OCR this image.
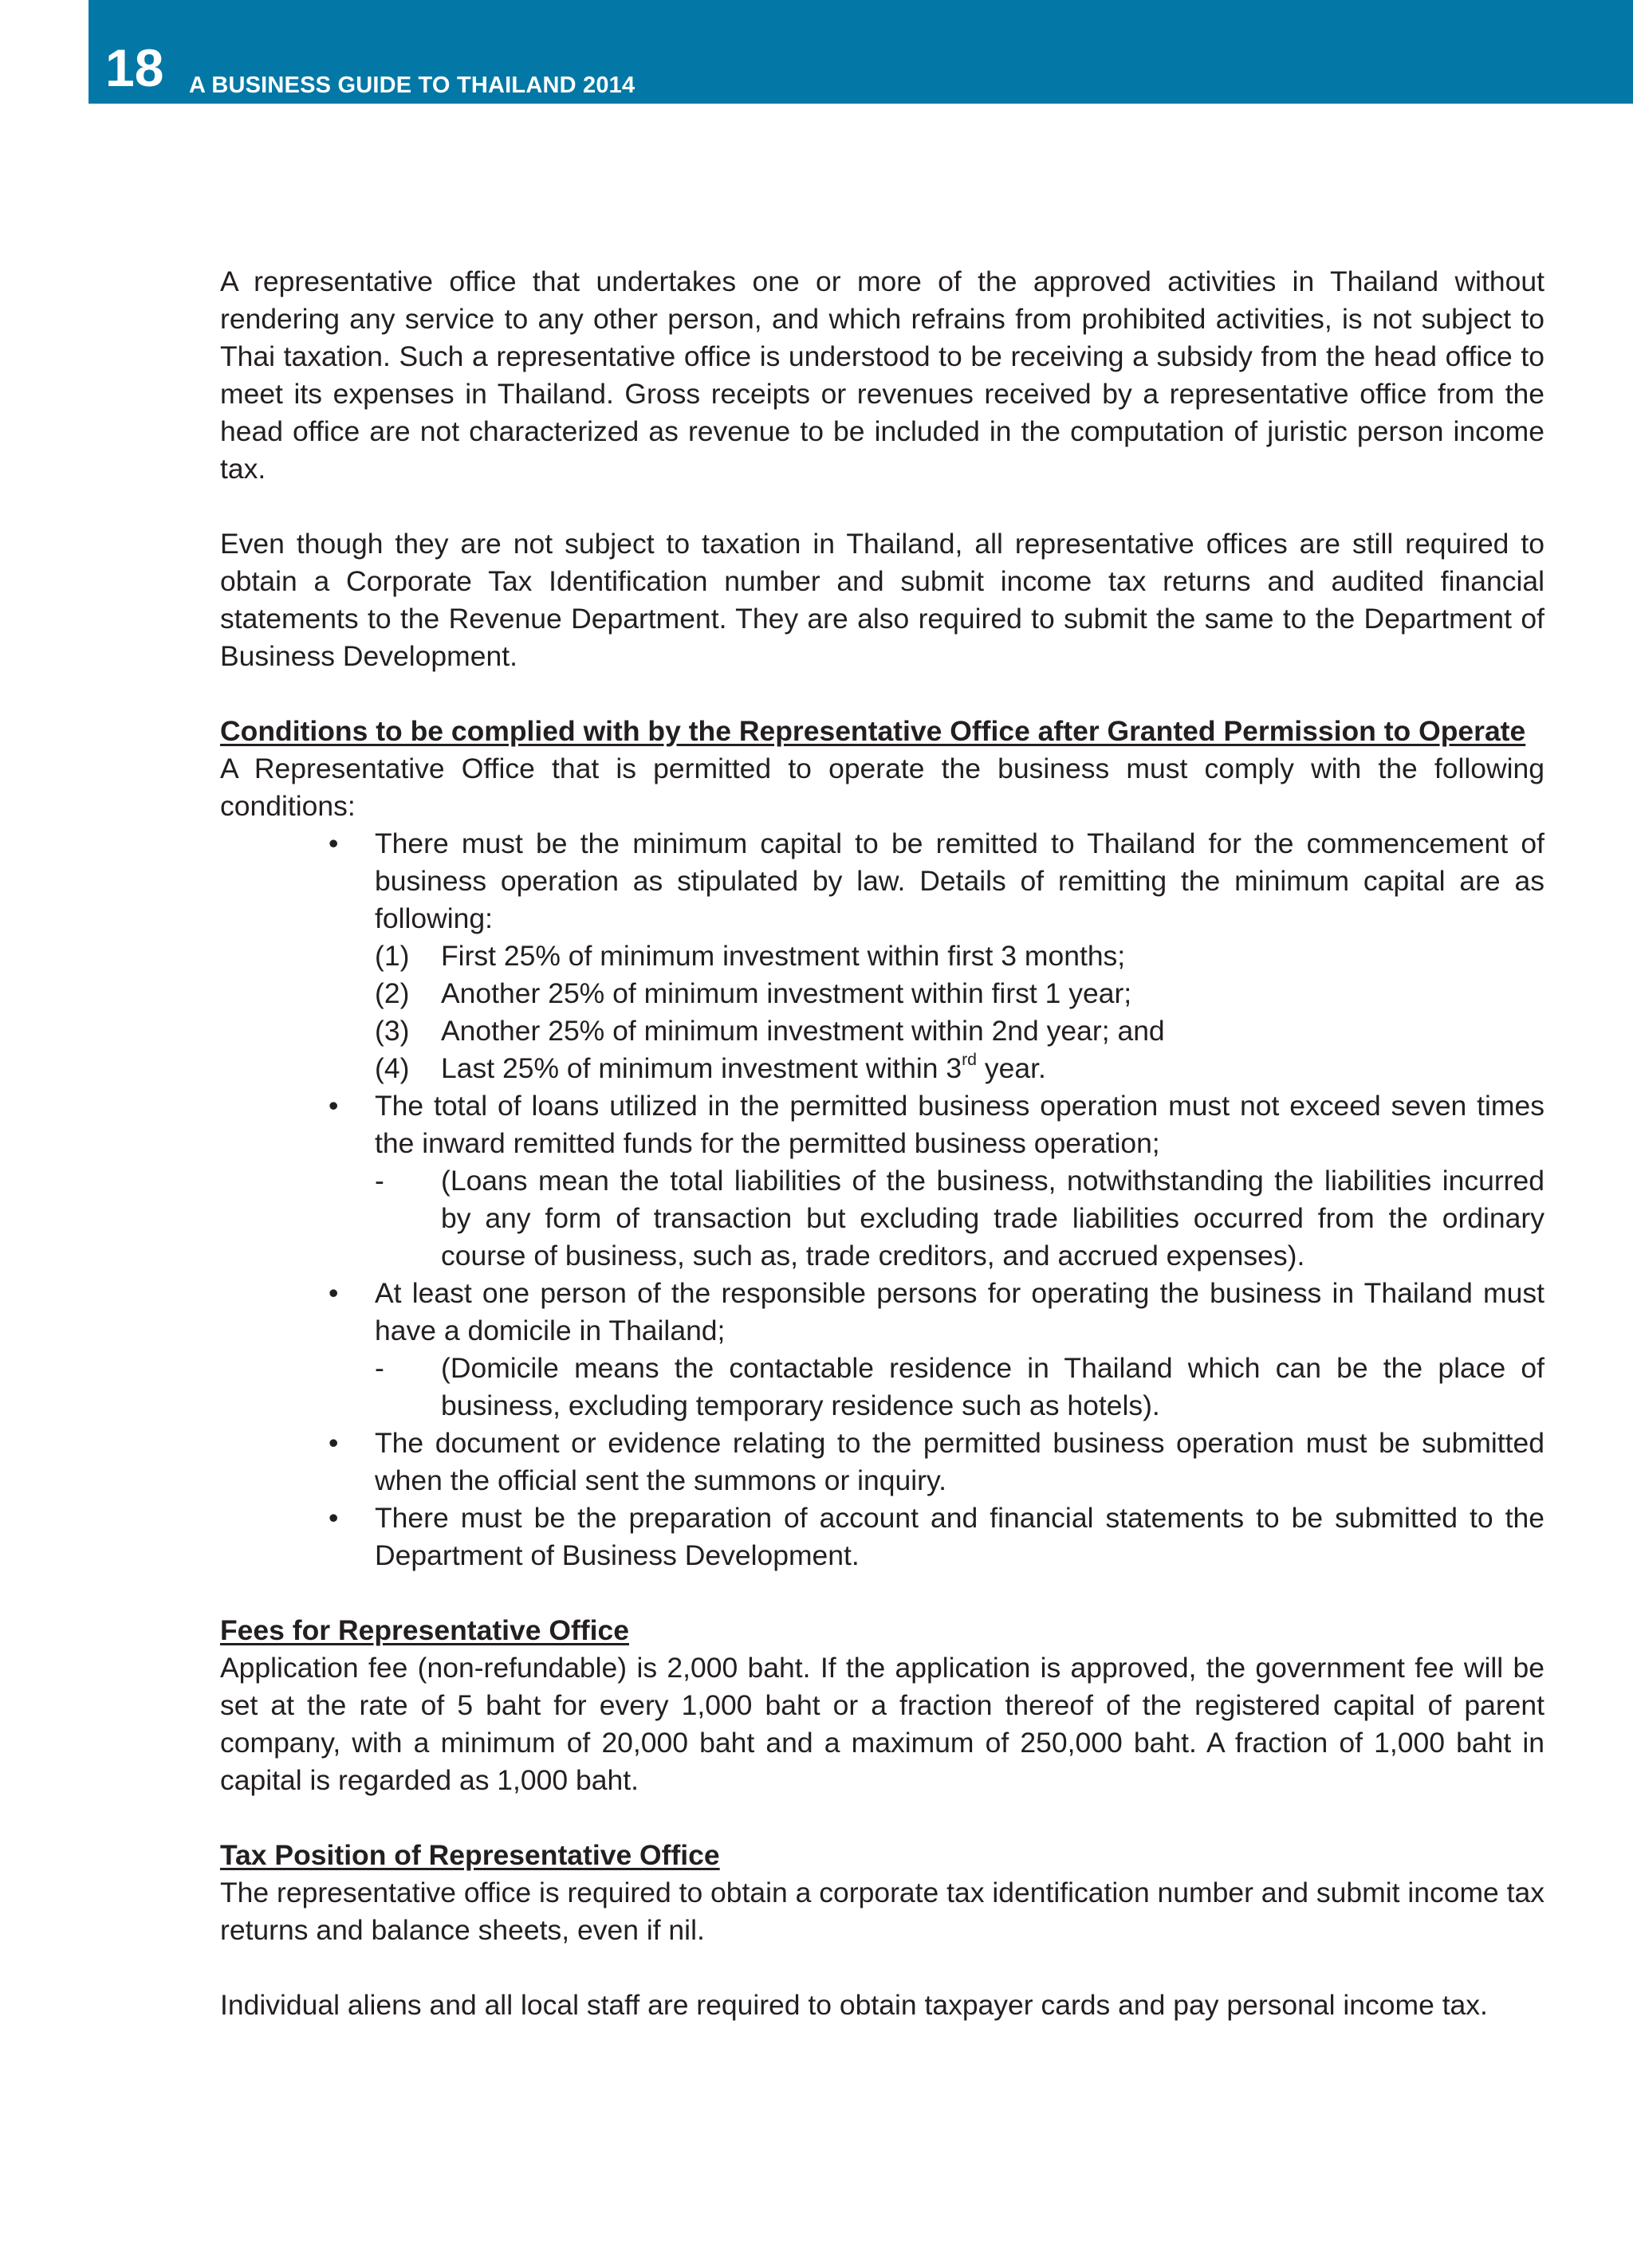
18 A BUSINESS GUIDE TO THAILAND 2014

A representative office that undertakes one or more of the approved activities in Thailand without rendering any service to any other person, and which refrains from prohibited activities, is not subject to Thai taxation. Such a representative office is understood to be receiving a subsidy from the head office to meet its expenses in Thailand. Gross receipts or revenues received by a representative office from the head office are not characterized as revenue to be included in the computation of juristic person income tax.

Even though they are not subject to taxation in Thailand, all representative offices are still required to obtain a Corporate Tax Identification number and submit income tax returns and audited financial statements to the Revenue Department. They are also required to submit the same to the Department of Business Development.

Conditions to be complied with by the Representative Office after Granted Permission to Operate

A Representative Office that is permitted to operate the business must comply with the following conditions:

• There must be the minimum capital to be remitted to Thailand for the commencement of business operation as stipulated by law. Details of remitting the minimum capital are as following:
(1) First 25% of minimum investment within first 3 months;
(2) Another 25% of minimum investment within first 1 year;
(3) Another 25% of minimum investment within 2nd year; and
(4) Last 25% of minimum investment within 3rd year.
• The total of loans utilized in the permitted business operation must not exceed seven times the inward remitted funds for the permitted business operation;
- (Loans mean the total liabilities of the business, notwithstanding the liabilities incurred by any form of transaction but excluding trade liabilities occurred from the ordinary course of business, such as, trade creditors, and accrued expenses).
• At least one person of the responsible persons for operating the business in Thailand must have a domicile in Thailand;
- (Domicile means the contactable residence in Thailand which can be the place of business, excluding temporary residence such as hotels).
• The document or evidence relating to the permitted business operation must be submitted when the official sent the summons or inquiry.
• There must be the preparation of account and financial statements to be submitted to the Department of Business Development.

Fees for Representative Office

Application fee (non-refundable) is 2,000 baht. If the application is approved, the government fee will be set at the rate of 5 baht for every 1,000 baht or a fraction thereof of the registered capital of parent company, with a minimum of 20,000 baht and a maximum of 250,000 baht. A fraction of 1,000 baht in capital is regarded as 1,000 baht.

Tax Position of Representative Office

The representative office is required to obtain a corporate tax identification number and submit income tax returns and balance sheets, even if nil.

Individual aliens and all local staff are required to obtain taxpayer cards and pay personal income tax.
